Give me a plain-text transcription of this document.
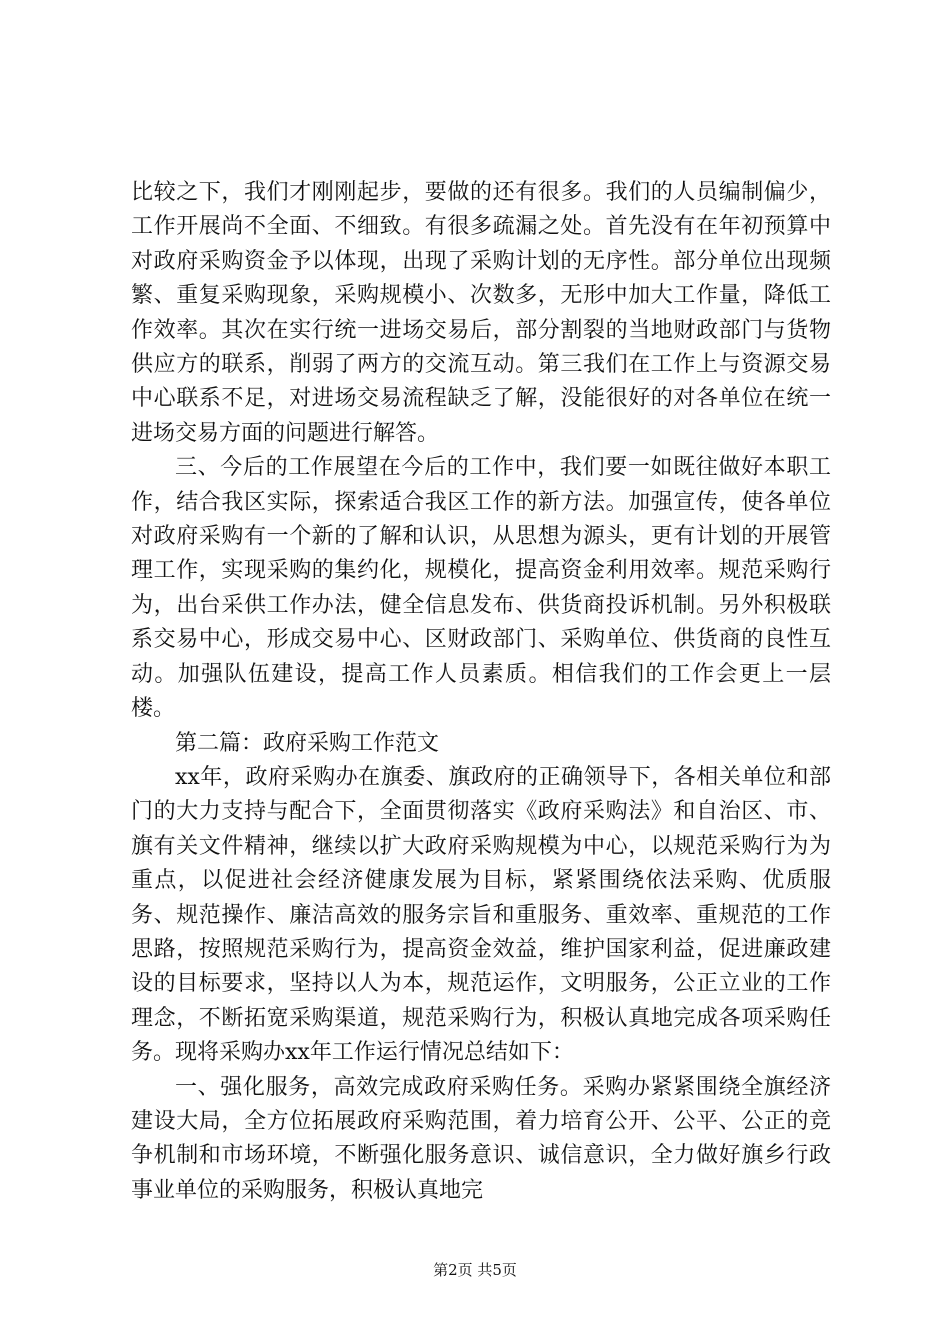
比较之下，我们才刚刚起步，要做的还有很多。我们的人员编制偏少，工作开展尚不全面、不细致。有很多疏漏之处。首先没有在年初预算中对政府采购资金予以体现，出现了采购计划的无序性。部分单位出现频繁、重复采购现象，采购规模小、次数多，无形中加大工作量，降低工作效率。其次在实行统一进场交易后，部分割裂的当地财政部门与货物供应方的联系，削弱了两方的交流互动。第三我们在工作上与资源交易中心联系不足，对进场交易流程缺乏了解，没能很好的对各单位在统一进场交易方面的问题进行解答。

三、今后的工作展望在今后的工作中，我们要一如既往做好本职工作，结合我区实际，探索适合我区工作的新方法。加强宣传，使各单位对政府采购有一个新的了解和认识，从思想为源头，更有计划的开展管理工作，实现采购的集约化，规模化，提高资金利用效率。规范采购行为，出台采供工作办法，健全信息发布、供货商投诉机制。另外积极联系交易中心，形成交易中心、区财政部门、采购单位、供货商的良性互动。加强队伍建设，提高工作人员素质。相信我们的工作会更上一层楼。

第二篇：政府采购工作范文

xx年，政府采购办在旗委、旗政府的正确领导下，各相关单位和部门的大力支持与配合下，全面贯彻落实《政府采购法》和自治区、市、旗有关文件精神，继续以扩大政府采购规模为中心，以规范采购行为为重点，以促进社会经济健康发展为目标，紧紧围绕依法采购、优质服务、规范操作、廉洁高效的服务宗旨和重服务、重效率、重规范的工作思路，按照规范采购行为，提高资金效益，维护国家利益，促进廉政建设的目标要求，坚持以人为本，规范运作，文明服务，公正立业的工作理念，不断拓宽采购渠道，规范采购行为，积极认真地完成各项采购任务。现将采购办xx年工作运行情况总结如下：

一、强化服务，高效完成政府采购任务。采购办紧紧围绕全旗经济建设大局，全方位拓展政府采购范围，着力培育公开、公平、公正的竞争机制和市场环境，不断强化服务意识、诚信意识，全力做好旗乡行政事业单位的采购服务，积极认真地完

第2页 共5页
